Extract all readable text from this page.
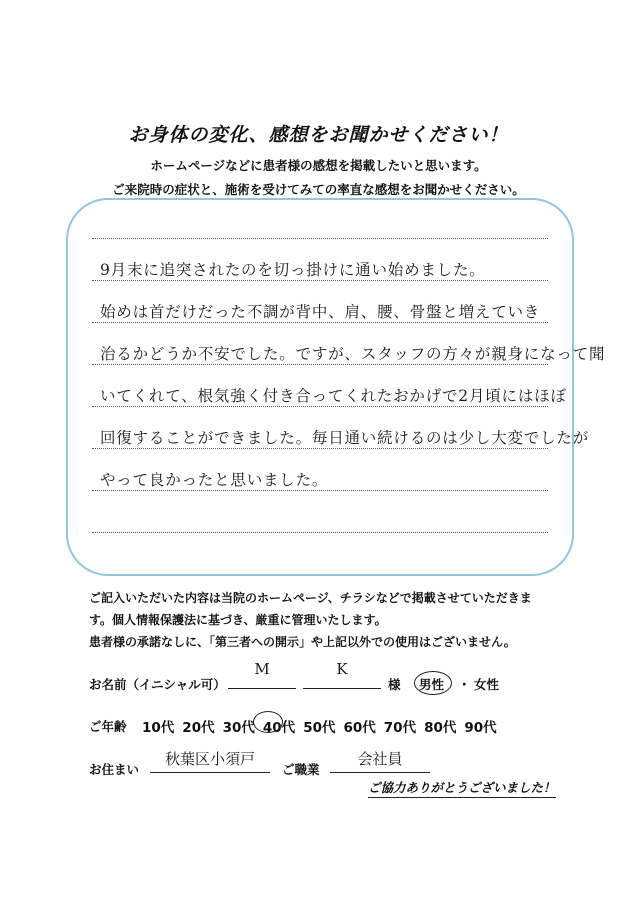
お身体の変化、感想をお聞かせください！
ホームページなどに患者様の感想を掲載したいと思います。
ご来院時の症状と、施術を受けてみての率直な感想をお聞かせください。
9月末に追突されたのを切っ掛けに通い始めました。
始めは首だけだった不調が背中、肩、腰、骨盤と増えていき
治るかどうか不安でした。ですが、スタッフの方々が親身になって聞
いてくれて、根気強く付き合ってくれたおかげで2月頃にはほぼ
回復することができました。毎日通い続けるのは少し大変でしたが
やって良かったと思いました。
ご記入いただいた内容は当院のホームページ、チラシなどで掲載させていただきま
す。個人情報保護法に基づき、厳重に管理いたします。
患者様の承諾なしに、「第三者への開示」や上記以外での使用はございません。
お名前（イニシャル可）
M	K
様 男性 ・ 女性
ご年齢 10代 20代 30代 40代 50代 60代 70代 80代 90代
お住まい
秋葉区小須戸
ご職業
会社員
ご協力ありがとうございました！
